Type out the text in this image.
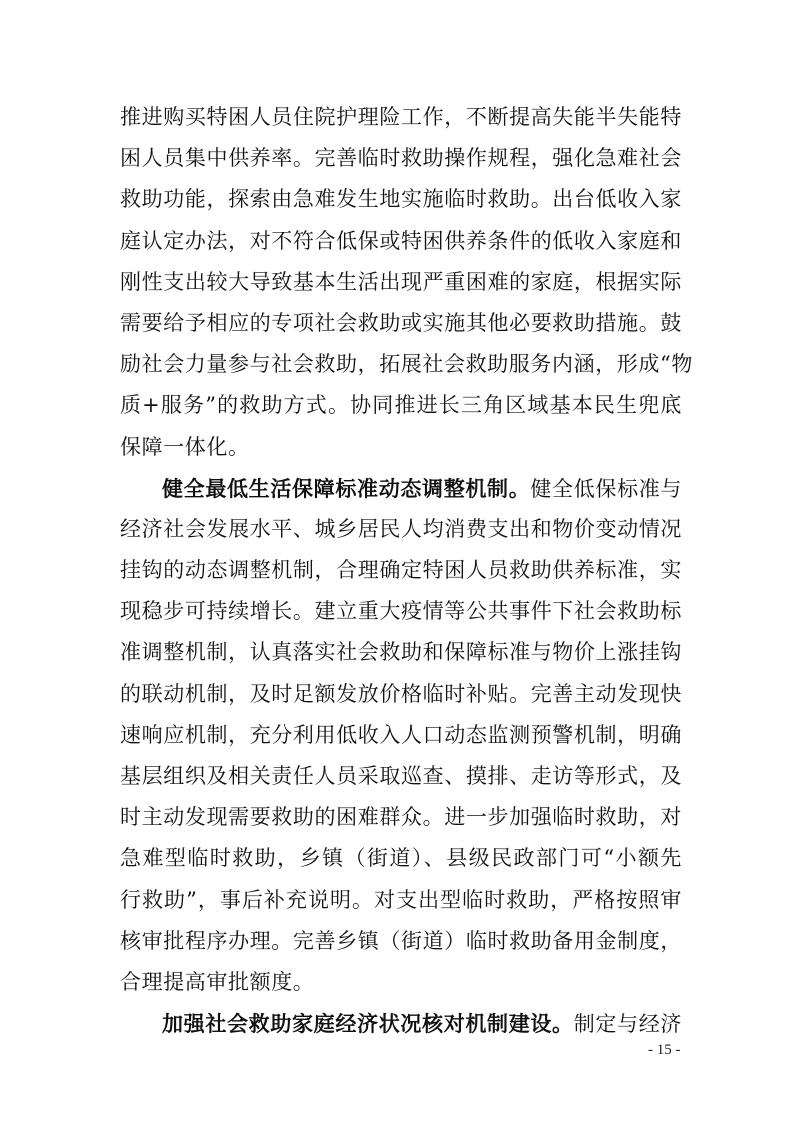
推进购买特困人员住院护理险工作，不断提高失能半失能特
困人员集中供养率。完善临时救助操作规程，强化急难社会
救助功能，探索由急难发生地实施临时救助。出台低收入家
庭认定办法，对不符合低保或特困供养条件的低收入家庭和
刚性支出较大导致基本生活出现严重困难的家庭，根据实际
需要给予相应的专项社会救助或实施其他必要救助措施。鼓
励社会力量参与社会救助，拓展社会救助服务内涵，形成“物
质+服务”的救助方式。协同推进长三角区域基本民生兜底
保障一体化。
健全最低生活保障标准动态调整机制。健全低保标准与
经济社会发展水平、城乡居民人均消费支出和物价变动情况
挂钩的动态调整机制，合理确定特困人员救助供养标准，实
现稳步可持续增长。建立重大疫情等公共事件下社会救助标
准调整机制，认真落实社会救助和保障标准与物价上涨挂钩
的联动机制，及时足额发放价格临时补贴。完善主动发现快
速响应机制，充分利用低收入人口动态监测预警机制，明确
基层组织及相关责任人员采取巡查、摸排、走访等形式，及
时主动发现需要救助的困难群众。进一步加强临时救助，对
急难型临时救助，乡镇（街道）、县级民政部门可“小额先
行救助”，事后补充说明。对支出型临时救助，严格按照审
核审批程序办理。完善乡镇（街道）临时救助备用金制度，
合理提高审批额度。
加强社会救助家庭经济状况核对机制建设。制定与经济
- 15 -
